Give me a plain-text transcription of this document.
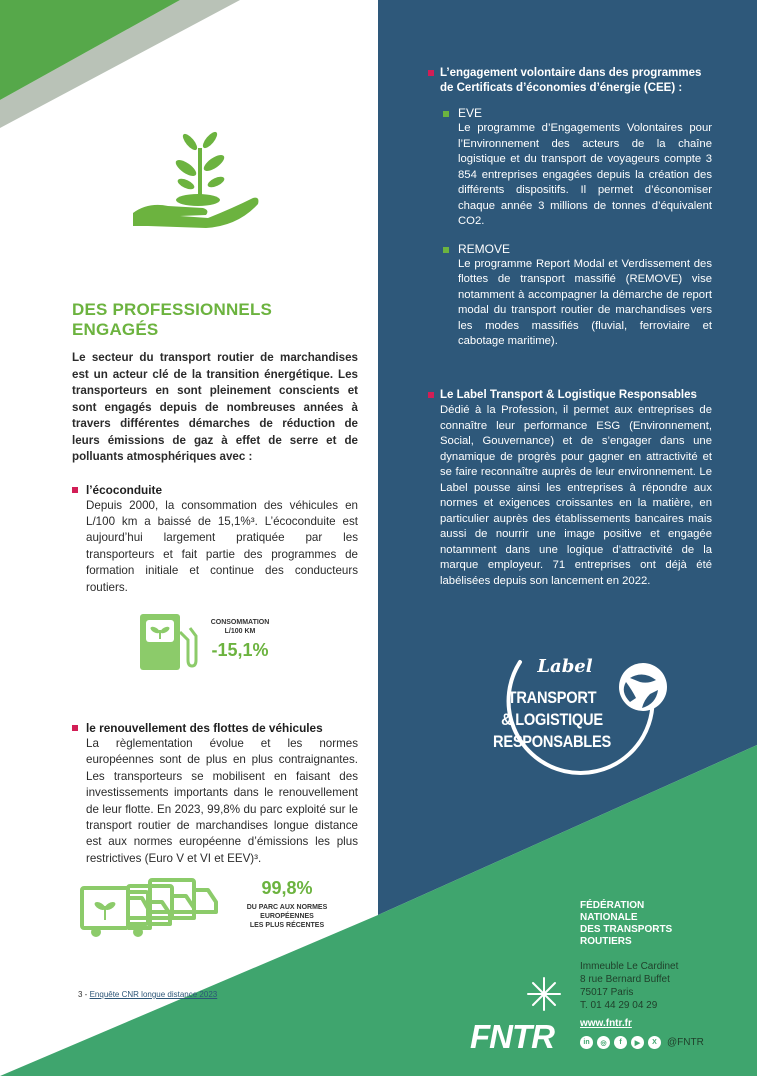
DES PROFESSIONNELS
ENGAGÉS

Le secteur du transport routier de marchandises est un acteur clé de la transition énergétique. Les transporteurs en sont pleinement conscients et sont engagés depuis de nombreuses années à travers différentes démarches de réduction de leurs émissions de gaz à effet de serre et de polluants atmosphériques avec :

l’écoconduite
Depuis 2000, la consommation des véhicules en L/100 km a baissé de 15,1%³. L’écoconduite est aujourd’hui largement pratiquée par les transporteurs et fait partie des programmes de formation initiale et continue des conducteurs routiers.
le renouvellement des flottes de véhicules
La règlementation évolue et les normes européennes sont de plus en plus contraignantes. Les transporteurs se mobilisent en faisant des investissements importants dans le renouvellement de leur flotte. En 2023, 99,8% du parc exploité sur le transport routier de marchandises longue distance est aux normes européenne d’émissions les plus restrictives (Euro V et VI et EEV)³.
CONSOMMATION
L/100 KM
-15,1%
99,8%
DU PARC AUX NORMES
EUROPÉENNES
LES PLUS RÉCENTES
3 - Enquête CNR longue distance 2023
L’engagement volontaire dans des programmes de Certificats d’économies d’énergie (CEE) :
EVE
Le programme d’Engagements Volontaires pour l’Environnement des acteurs de la chaîne logistique et du transport de voyageurs compte 3 854 entreprises engagées depuis la création des différents dispositifs. Il permet d’économiser chaque année 3 millions de tonnes d’équivalent CO2.
REMOVE
Le programme Report Modal et Verdissement des flottes de transport massifié (REMOVE) vise notamment à accompagner la démarche de report modal du transport routier de marchandises vers les modes massifiés (fluvial, ferroviaire et cabotage maritime).
Le Label Transport & Logistique Responsables
Dédié à la Profession, il permet aux entreprises de connaître leur performance ESG (Environnement, Social, Gouvernance) et de s’engager dans une dynamique de progrès pour gagner en attractivité et se faire reconnaître auprès de leur environnement. Le Label pousse ainsi les entreprises à répondre aux normes et exigences croissantes en la matière, en particulier auprès des établissements bancaires mais aussi de nourrir une image positive et engagée notamment dans une logique d’attractivité de la marque employeur. 71 entreprises ont déjà été labélisées depuis son lancement en 2022.
Label
TRANSPORT
& LOGISTIQUE
RESPONSABLES
FÉDÉRATION
NATIONALE
DES TRANSPORTS
ROUTIERS
Immeuble Le Cardinet
8 rue Bernard Buffet
75017 Paris
T. 01 44 29 04 29
www.fntr.fr
in	◎	f	▶	X	@FNTR
FNTR
